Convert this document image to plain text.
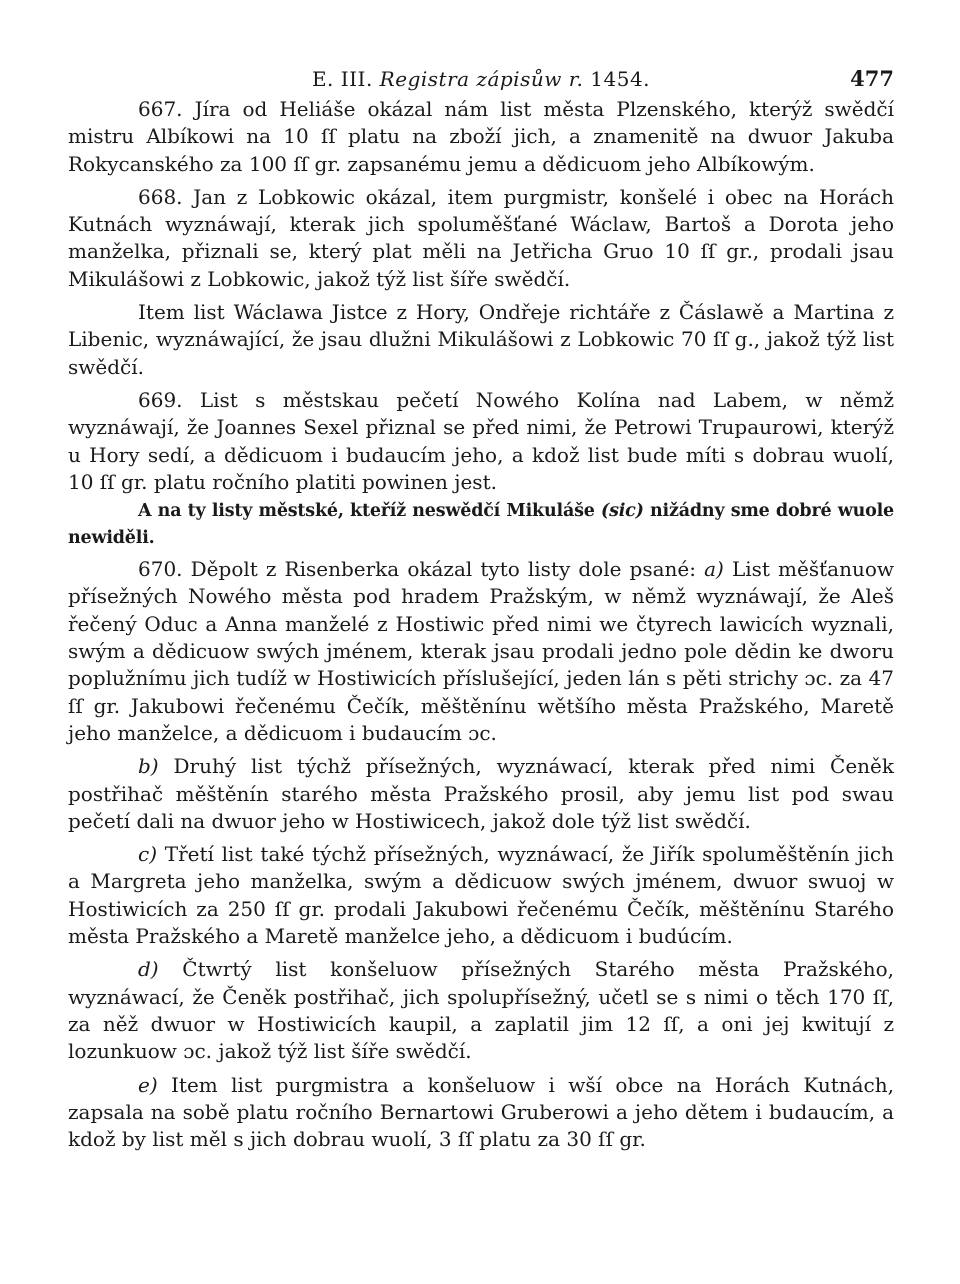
E. III. Registra zápisůw r. 1454.	477

667. Jíra od Heliáše okázal nám list města Plzenského, kterýž swědčí mistru Albíkowi na 10 ſſ platu na zboží jich, a znamenitě na dwuor Jakuba Rokycanského za 100 ſſ gr. zapsanému jemu a dědicuom jeho Albíkowým.

668. Jan z Lobkowic okázal, item purgmistr, konšelé i obec na Horách Kutnách wyznáwají, kterak jich spoluměšťané Wáclaw, Bartoš a Dorota jeho manželka, přiznali se, který plat měli na Jetřicha Gruo 10 ſſ gr., prodali jsau Mikulášowi z Lobkowic, jakož týž list šíře swědčí.

Item list Wáclawa Jistce z Hory, Ondřeje richtáře z Čáslawě a Martina z Libenic, wyznáwající, že jsau dlužni Mikulášowi z Lobkowic 70 ſſ g., jakož týž list swědčí.

669. List s městskau pečetí Nowého Kolína nad Labem, w němž wyznáwají, že Joannes Sexel přiznal se před nimi, že Petrowi Trupaurowi, kterýž u Hory sedí, a dědicuom i budaucím jeho, a kdož list bude míti s dobrau wuolí, 10 ſſ gr. platu ročního platiti powinen jest.

A na ty listy městské, kteříž neswědčí Mikuláše (sic) nižádny sme dobré wuole newiděli.

670. Děpolt z Risenberka okázal tyto listy dole psané: a) List měšťanuow přísežných Nowého města pod hradem Pražským, w němž wyznáwají, že Aleš řečený Oduc a Anna manželé z Hostiwic před nimi we čtyrech lawicích wyznali, swým a dědicuow swých jménem, kterak jsau prodali jedno pole dědin ke dworu poplužnímu jich tudíž w Hostiwicích příslušející, jeden lán s pěti strichy ɔc. za 47 ſſ gr. Jakubowi řečenému Čečík, měštěnínu wětšího města Pražského, Maretě jeho manželce, a dědicuom i budaucím ɔc.

b) Druhý list týchž přísežných, wyznáwací, kterak před nimi Čeněk postřihač měštěnín starého města Pražského prosil, aby jemu list pod swau pečetí dali na dwuor jeho w Hostiwicech, jakož dole týž list swědčí.

c) Třetí list také týchž přísežných, wyznáwací, že Jiřík spoluměštěnín jich a Margreta jeho manželka, swým a dědicuow swých jménem, dwuor swuoj w Hostiwicích za 250 ſſ gr. prodali Jakubowi řečenému Čečík, měštěnínu Starého města Pražského a Maretě manželce jeho, a dědicuom i budúcím.

d) Čtwrtý list konšeluow přísežných Starého města Pražského, wyznáwací, že Čeněk postřihač, jich spolupřísežný, učetl se s nimi o těch 170 ſſ, za něž dwuor w Hostiwicích kaupil, a zaplatil jim 12 ſſ, a oni jej kwitují z lozunkuow ɔc. jakož týž list šíře swědčí.

e) Item list purgmistra a konšeluow i wší obce na Horách Kutnách, zapsala na sobě platu ročního Bernartowi Gruberowi a jeho dětem i budaucím, a kdož by list měl s jich dobrau wuolí, 3 ſſ platu za 30 ſſ gr.
